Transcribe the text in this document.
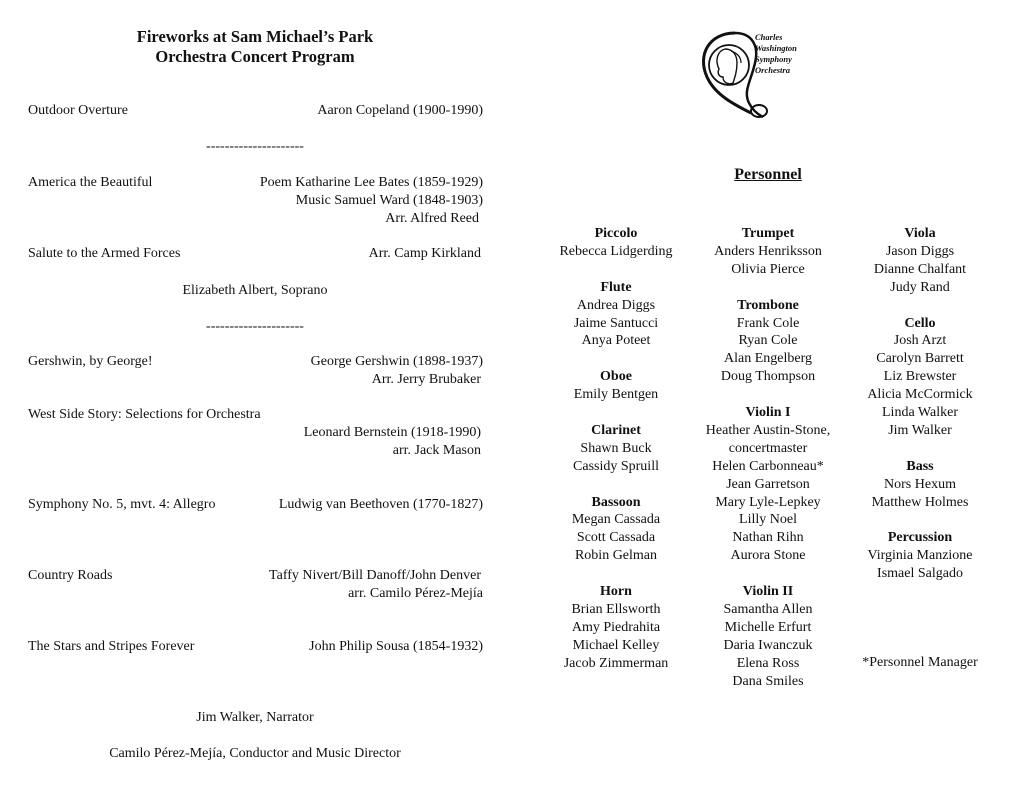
Fireworks at Sam Michael’s Park
Orchestra Concert Program
Outdoor Overture	Aaron Copeland (1900-1990)
---------------------
America the Beautiful	Poem Katharine Lee Bates (1859-1929)
Music Samuel Ward (1848-1903)
Arr. Alfred Reed
Salute to the Armed Forces	Arr. Camp Kirkland
Elizabeth Albert, Soprano
---------------------
Gershwin, by George!	George Gershwin (1898-1937)
Arr. Jerry Brubaker
West Side Story: Selections for Orchestra
Leonard Bernstein (1918-1990)
arr. Jack Mason
Symphony No. 5, mvt. 4: Allegro	Ludwig van Beethoven (1770-1827)
Country Roads	Taffy Nivert/Bill Danoff/John Denver
arr. Camilo Pérez-Mejía
The Stars and Stripes Forever	John Philip Sousa (1854-1932)
Jim Walker, Narrator
Camilo Pérez-Mejía, Conductor and Music Director
Charles
Washington
Symphony
Orchestra
Personnel
Piccolo
Rebecca Lidgerding
Flute
Andrea Diggs
Jaime Santucci
Anya Poteet
Oboe
Emily Bentgen
Clarinet
Shawn Buck
Cassidy Spruill
Bassoon
Megan Cassada
Scott Cassada
Robin Gelman
Horn
Brian Ellsworth
Amy Piedrahita
Michael Kelley
Jacob Zimmerman
Trumpet
Anders Henriksson
Olivia Pierce
Trombone
Frank Cole
Ryan Cole
Alan Engelberg
Doug Thompson
Violin I
Heather Austin-Stone,
concertmaster
Helen Carbonneau*
Jean Garretson
Mary Lyle-Lepkey
Lilly Noel
Nathan Rihn
Aurora Stone
Violin II
Samantha Allen
Michelle Erfurt
Daria Iwanczuk
Elena Ross
Dana Smiles
Viola
Jason Diggs
Dianne Chalfant
Judy Rand
Cello
Josh Arzt
Carolyn Barrett
Liz Brewster
Alicia McCormick
Linda Walker
Jim Walker
Bass
Nors Hexum
Matthew Holmes
Percussion
Virginia Manzione
Ismael Salgado
*Personnel Manager
